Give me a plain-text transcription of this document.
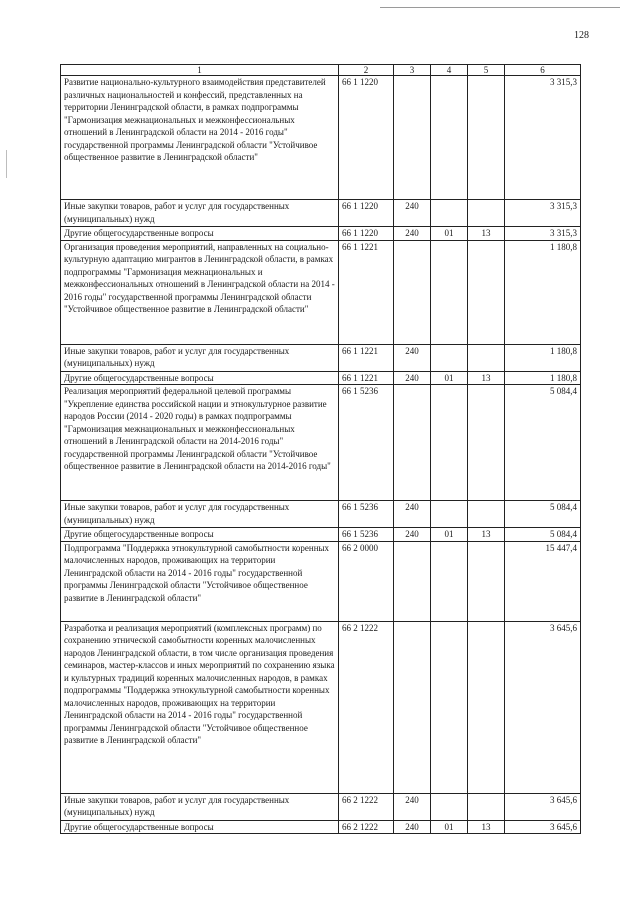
128
1	2	3	4	5	6
Развитие национально-культурного взаимодействия представителей различных национальностей и конфессий, представленных на территории Ленинградской области, в рамках подпрограммы "Гармонизация межнациональных и межконфессиональных отношений в Ленинградской области на 2014 - 2016 годы" государственной программы Ленинградской области "Устойчивое общественное развитие в Ленинградской области"	66 1 1220				3 315,3
Иные закупки товаров, работ и услуг для государственных (муниципальных) нужд	66 1 1220	240			3 315,3
Другие общегосударственные вопросы	66 1 1220	240	01	13	3 315,3
Организация проведения мероприятий, направленных на социально-культурную адаптацию мигрантов в Ленинградской области, в рамках подпрограммы "Гармонизация межнациональных и межконфессиональных отношений в Ленинградской области на 2014 - 2016 годы" государственной программы Ленинградской области "Устойчивое общественное развитие в Ленинградской области"	66 1 1221				1 180,8
Иные закупки товаров, работ и услуг для государственных (муниципальных) нужд	66 1 1221	240			1 180,8
Другие общегосударственные вопросы	66 1 1221	240	01	13	1 180,8
Реализация мероприятий федеральной целевой программы "Укрепление единства российской нации и этнокультурное развитие народов России (2014 - 2020 годы) в рамках подпрограммы "Гармонизация межнациональных и межконфессиональных отношений в Ленинградской области на 2014-2016 годы" государственной программы Ленинградской области "Устойчивое общественное развитие в Ленинградской области на 2014-2016 годы"	66 1 5236				5 084,4
Иные закупки товаров, работ и услуг для государственных (муниципальных) нужд	66 1 5236	240			5 084,4
Другие общегосударственные вопросы	66 1 5236	240	01	13	5 084,4
Подпрограмма "Поддержка этнокультурной самобытности коренных малочисленных народов, проживающих на территории Ленинградской области на 2014 - 2016 годы" государственной программы Ленинградской области "Устойчивое общественное развитие в Ленинградской области"	66 2 0000				15 447,4
Разработка и реализация мероприятий (комплексных программ) по сохранению этнической самобытности коренных малочисленных народов Ленинградской области, в том числе организация проведения семинаров, мастер-классов и иных мероприятий по сохранению языка и культурных традиций коренных малочисленных народов, в рамках подпрограммы "Поддержка этнокультурной самобытности коренных малочисленных народов, проживающих на территории Ленинградской области на 2014 - 2016 годы" государственной программы Ленинградской области "Устойчивое общественное развитие в Ленинградской области"	66 2 1222				3 645,6
Иные закупки товаров, работ и услуг для государственных (муниципальных) нужд	66 2 1222	240			3 645,6
Другие общегосударственные вопросы	66 2 1222	240	01	13	3 645,6
